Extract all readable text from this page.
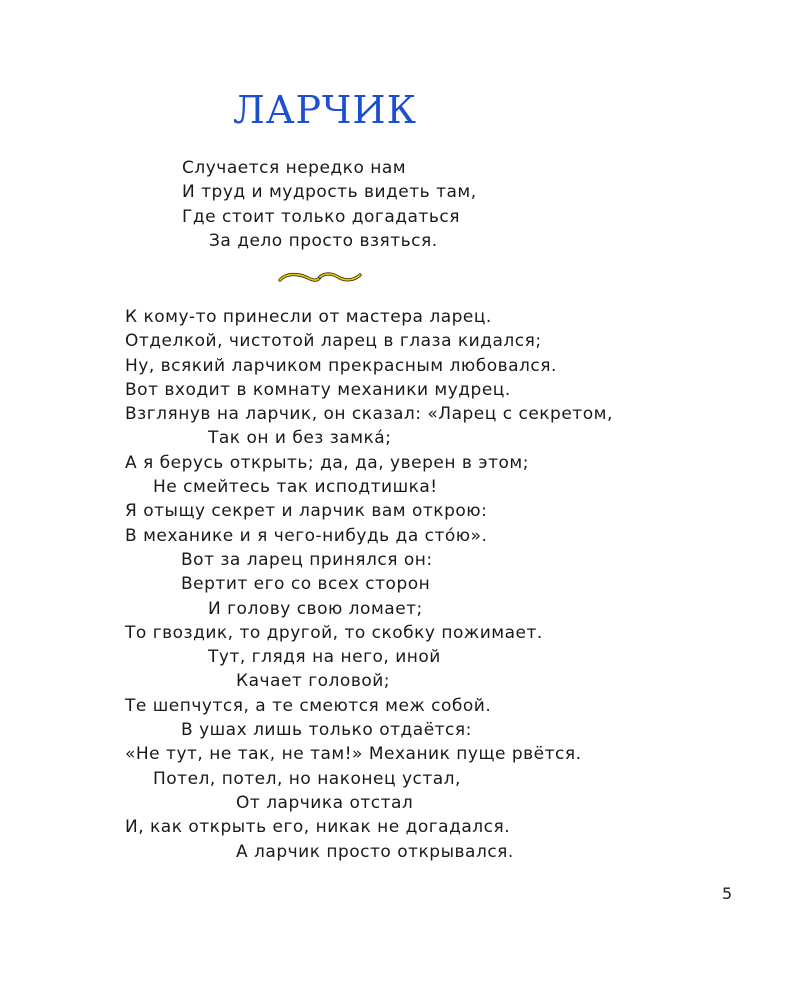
ЛАРЧИК

Случается нередко нам

И труд и мудрость видеть там,

Где стоит только догадаться

За дело просто взяться.

К кому-то принесли от мастера ларец.

Отделкой, чистотой ларец в глаза кидался;

Ну, всякий ларчиком прекрасным любовался.

Вот входит в комнату механики мудрец.

Взглянув на ларчик, он сказал: «Ларец с секретом,

Так он и без замка́;

А я берусь открыть; да, да, уверен в этом;

Не смейтесь так исподтишка!

Я отыщу секрет и ларчик вам открою:

В механике и я чего-нибудь да сто́ю».

Вот за ларец принялся он:

Вертит его со всех сторон

И голову свою ломает;

То гвоздик, то другой, то скобку пожимает.

Тут, глядя на него, иной

Качает головой;

Те шепчутся, а те смеются меж собой.

В ушах лишь только отдаётся:

«Не тут, не так, не там!» Механик пуще рвётся.

Потел, потел, но наконец устал,

От ларчика отстал

И, как открыть его, никак не догадался.

А ларчик просто открывался.

5
